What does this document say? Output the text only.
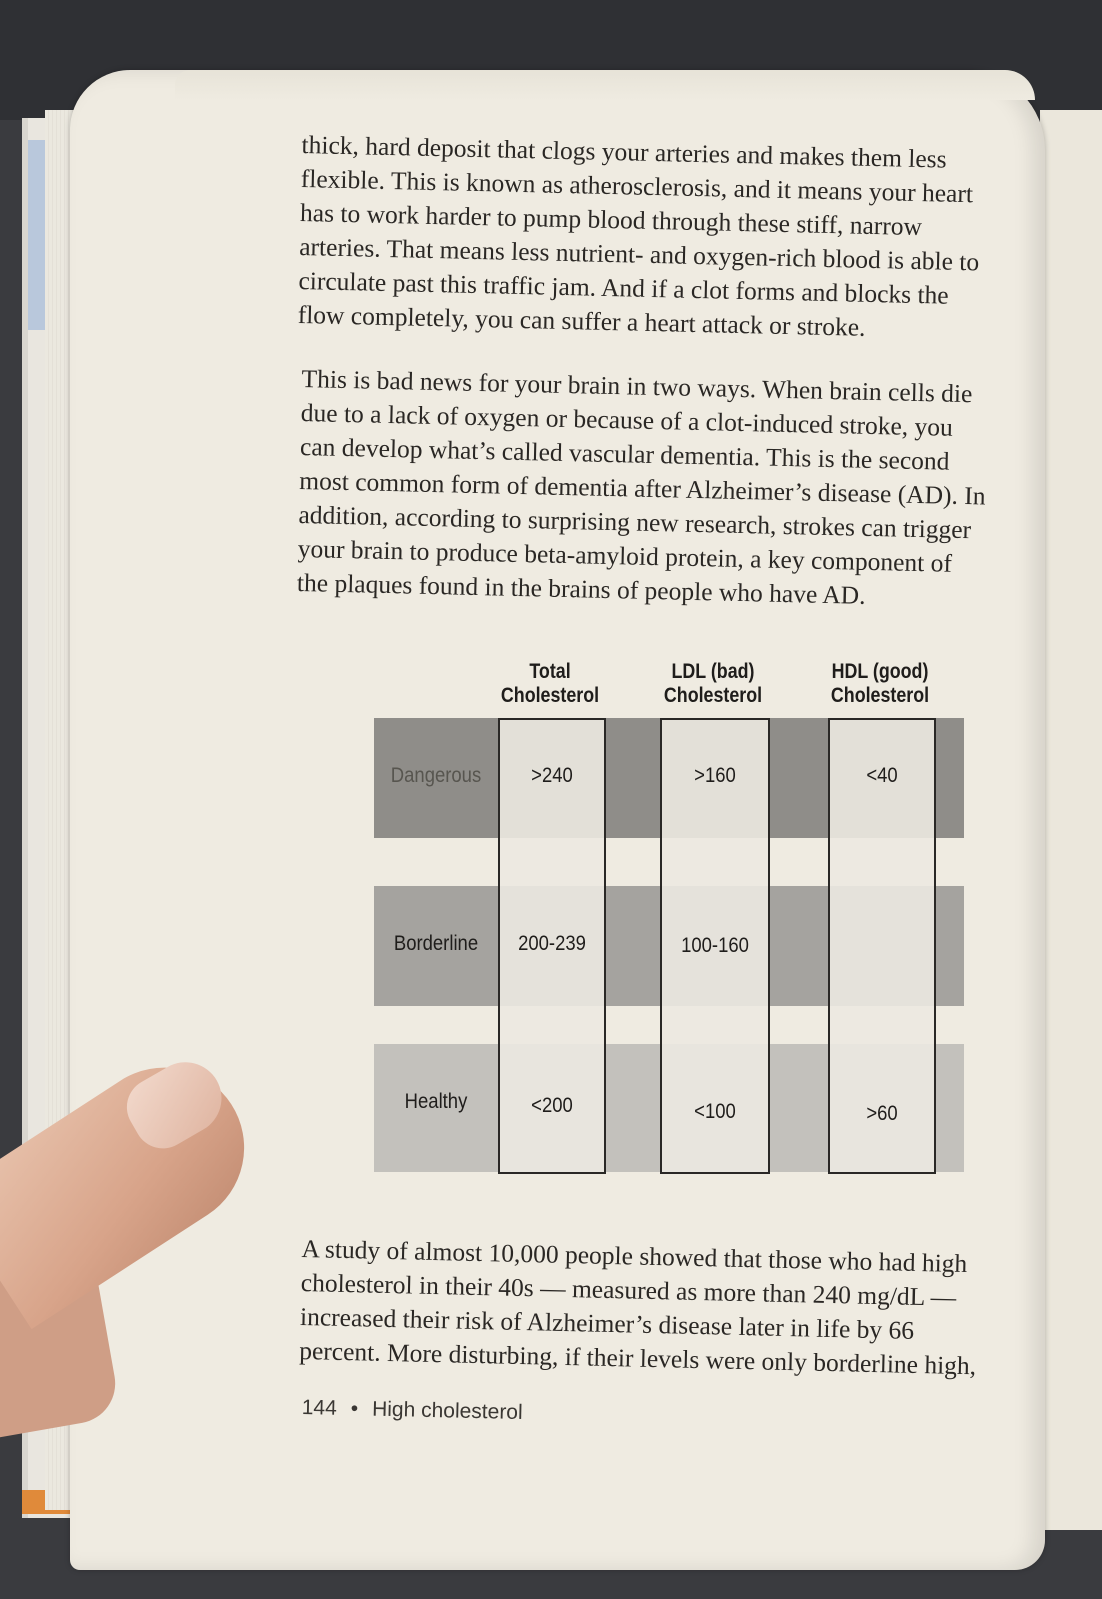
thick, hard deposit that clogs your arteries and makes them less
flexible. This is known as atherosclerosis, and it means your heart
has to work harder to pump blood through these stiff, narrow
arteries. That means less nutrient- and oxygen-rich blood is able to
circulate past this traffic jam. And if a clot forms and blocks the
flow completely, you can suffer a heart attack or stroke.
This is bad news for your brain in two ways. When brain cells die
due to a lack of oxygen or because of a clot-induced stroke, you
can develop what’s called vascular dementia. This is the second
most common form of dementia after Alzheimer’s disease (AD). In
addition, according to surprising new research, strokes can trigger
your brain to produce beta-amyloid protein, a key component of
the plaques found in the brains of people who have AD.
Total
Cholesterol
LDL (bad)
Cholesterol
HDL (good)
Cholesterol
Dangerous	>240	>160	<40
Borderline	200-239	100-160
Healthy	<200	<100	>60
A study of almost 10,000 people showed that those who had high
cholesterol in their 40s — measured as more than 240 mg/dL —
increased their risk of Alzheimer’s disease later in life by 66
percent. More disturbing, if their levels were only borderline high,
144 • High cholesterol
